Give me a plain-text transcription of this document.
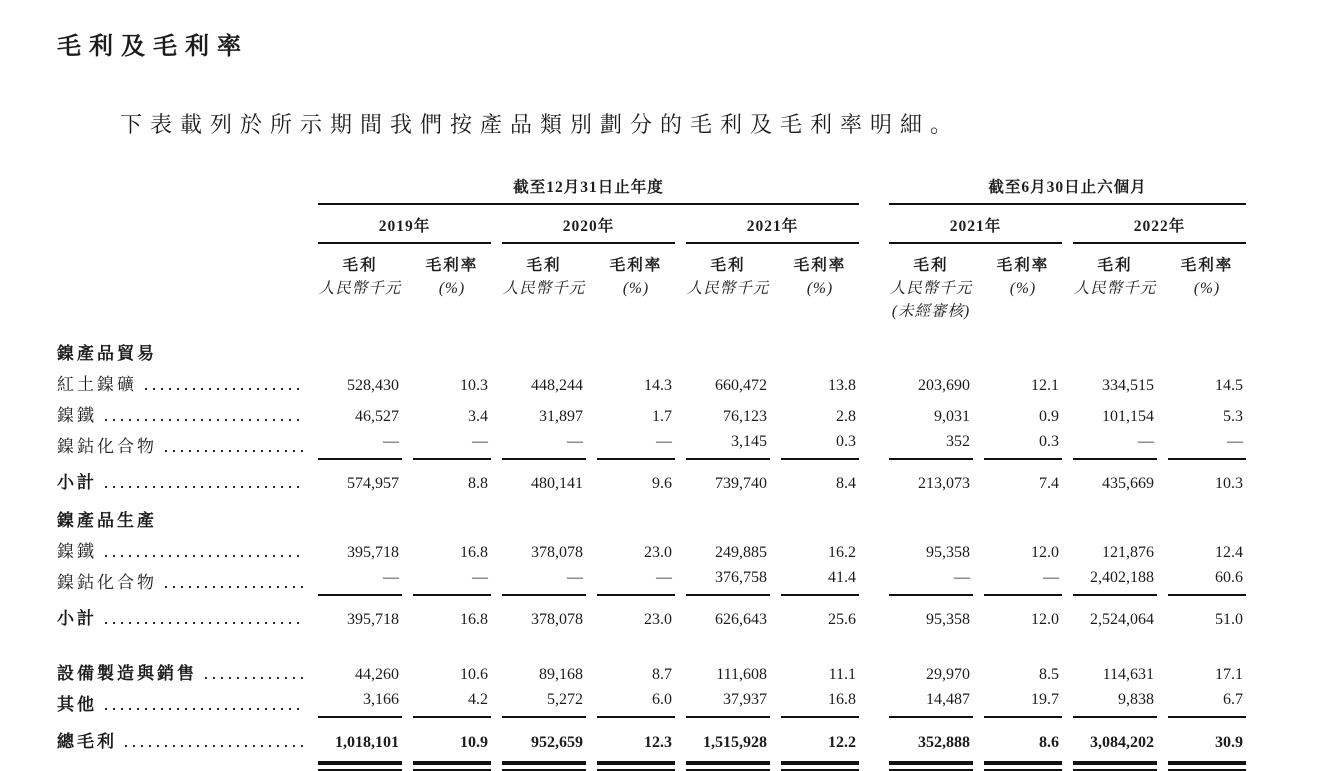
毛利及毛利率

下表載列於所示期間我們按產品類別劃分的毛利及毛利率明細。

	截至12月31日止年度							截至6月30日止六個月			
	2019年		2020年		2021年			2021年		2022年	

毛利
人民幣千元

毛利率
(%)

毛利
人民幣千元

毛利率
(%)

毛利
人民幣千元

毛利率
(%)

毛利
人民幣千元
(未經審核)

毛利率
(%)

毛利
人民幣千元

毛利率
(%)

鎳產品貿易											

紅土鎳礦	528,430	10.3	448,244	14.3	660,472	13.8		203,690	12.1	334,515	14.5

鎳鐵	46,527	3.4	31,897	1.7	76,123	2.8		9,031	0.9	101,154	5.3

鎳鈷化合物	—	—	—	—	3,145	0.3		352	0.3	—	—

小計	574,957	8.8	480,141	9.6	739,740	8.4		213,073	7.4	435,669	10.3

鎳產品生產											

鎳鐵	395,718	16.8	378,078	23.0	249,885	16.2		95,358	12.0	121,876	12.4

鎳鈷化合物	—	—	—	—	376,758	41.4		—	—	2,402,188	60.6

小計	395,718	16.8	378,078	23.0	626,643	25.6		95,358	12.0	2,524,064	51.0

設備製造與銷售	44,260	10.6	89,168	8.7	111,608	11.1		29,970	8.5	114,631	17.1

其他	3,166	4.2	5,272	6.0	37,937	16.8		14,487	19.7	9,838	6.7

總毛利	1,018,101	10.9	952,659	12.3	1,515,928	12.2		352,888	8.6	3,084,202	30.9
